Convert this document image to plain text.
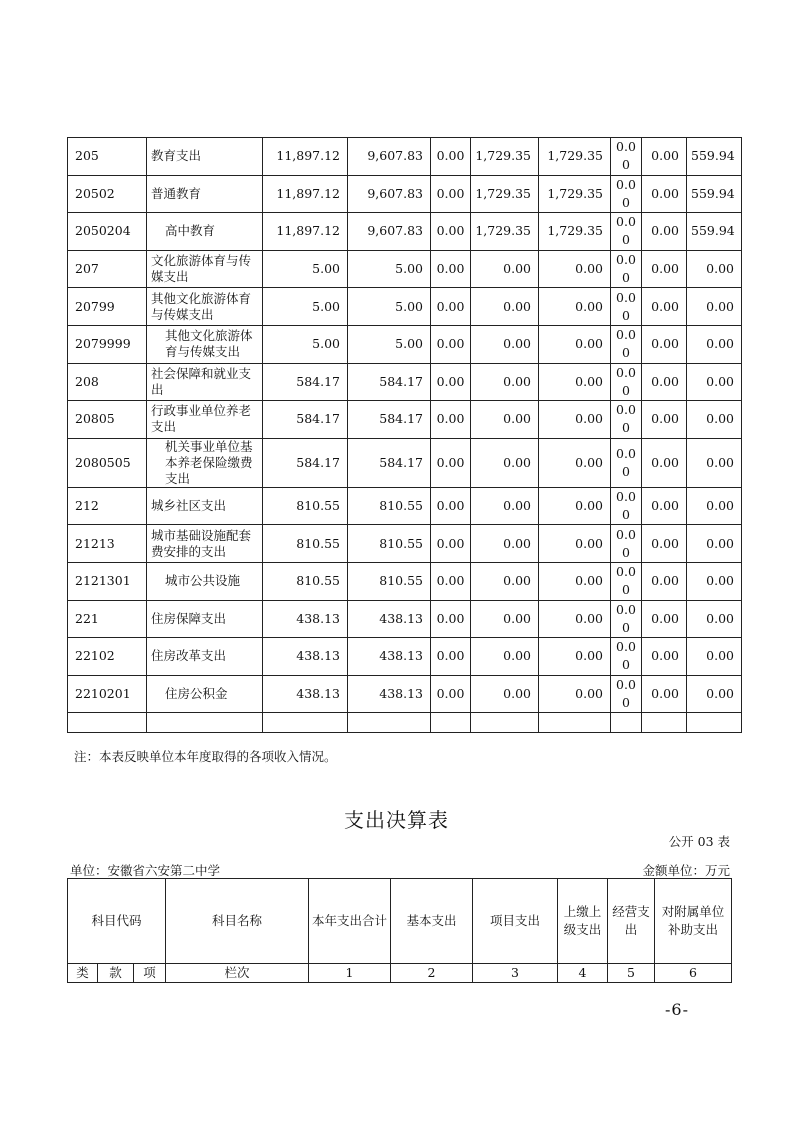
205	教育支出	11,897.12	9,607.83	0.00	1,729.35	1,729.35	0.00	0.00	559.94
20502	普通教育	11,897.12	9,607.83	0.00	1,729.35	1,729.35	0.00	0.00	559.94
2050204	高中教育	11,897.12	9,607.83	0.00	1,729.35	1,729.35	0.00	0.00	559.94
207	文化旅游体育与传媒支出	5.00	5.00	0.00	0.00	0.00	0.00	0.00	0.00
20799	其他文化旅游体育与传媒支出	5.00	5.00	0.00	0.00	0.00	0.00	0.00	0.00
2079999	其他文化旅游体育与传媒支出	5.00	5.00	0.00	0.00	0.00	0.00	0.00	0.00
208	社会保障和就业支出	584.17	584.17	0.00	0.00	0.00	0.00	0.00	0.00
20805	行政事业单位养老支出	584.17	584.17	0.00	0.00	0.00	0.00	0.00	0.00
2080505	机关事业单位基本养老保险缴费支出	584.17	584.17	0.00	0.00	0.00	0.00	0.00	0.00
212	城乡社区支出	810.55	810.55	0.00	0.00	0.00	0.00	0.00	0.00
21213	城市基础设施配套费安排的支出	810.55	810.55	0.00	0.00	0.00	0.00	0.00	0.00
2121301	城市公共设施	810.55	810.55	0.00	0.00	0.00	0.00	0.00	0.00
221	住房保障支出	438.13	438.13	0.00	0.00	0.00	0.00	0.00	0.00
22102	住房改革支出	438.13	438.13	0.00	0.00	0.00	0.00	0.00	0.00
2210201	住房公积金	438.13	438.13	0.00	0.00	0.00	0.00	0.00	0.00

注：本表反映单位本年度取得的各项收入情况。
支出决算表
公开 03 表
单位：安徽省六安第二中学	金额单位：万元
科目代码			科目名称	本年支出合计	基本支出	项目支出	上缴上级支出	经营支出	对附属单位补助支出
类	款	项	栏次	1	2	3	4	5	6
-6-
